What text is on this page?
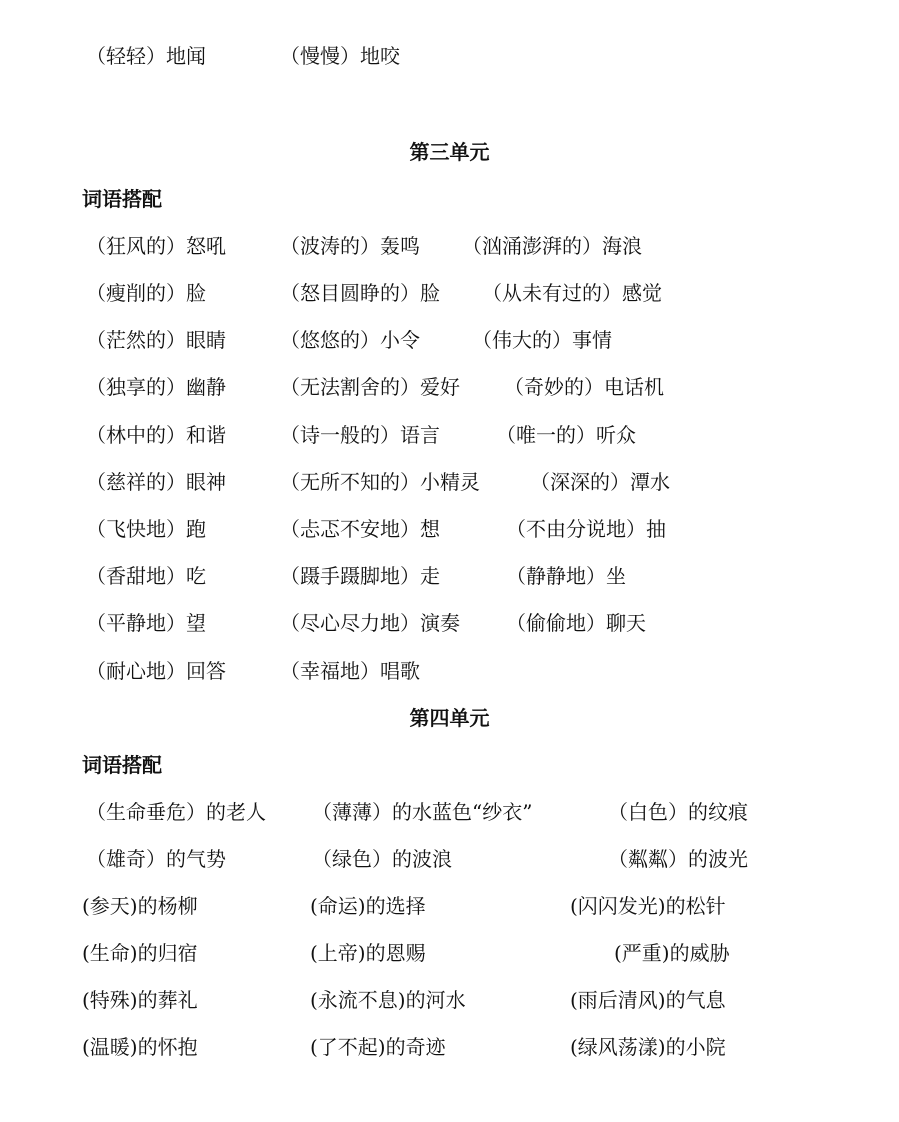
（轻轻）地闻	（慢慢）地咬
第三单元
词语搭配
（狂风的）怒吼	（波涛的）轰鸣 （汹涌澎湃的）海浪
（瘦削的）脸	（怒目圆睁的）脸 （从未有过的）感觉
（茫然的）眼睛	（悠悠的）小令	（伟大的）事情
（独享的）幽静	（无法割舍的）爱好 （奇妙的）电话机
（林中的）和谐	（诗一般的）语言	（唯一的）听众
（慈祥的）眼神	（无所不知的）小精灵	（深深的）潭水
（飞快地）跑	（忐忑不安地）想	（不由分说地）抽
（香甜地）吃	（蹑手蹑脚地）走	（静静地）坐
（平静地）望	（尽心尽力地）演奏 （偷偷地）聊天
（耐心地）回答	（幸福地）唱歌
第四单元
词语搭配
（生命垂危）的老人 （薄薄）的水蓝色“纱衣”	（白色）的纹痕
（雄奇）的气势	（绿色）的波浪	（粼粼）的波光
(参天)的杨柳	(命运)的选择	(闪闪发光)的松针
(生命)的归宿	(上帝)的恩赐	(严重)的威胁
(特殊)的葬礼	(永流不息)的河水	(雨后清风)的气息
(温暖)的怀抱	(了不起)的奇迹	(绿风荡漾)的小院
